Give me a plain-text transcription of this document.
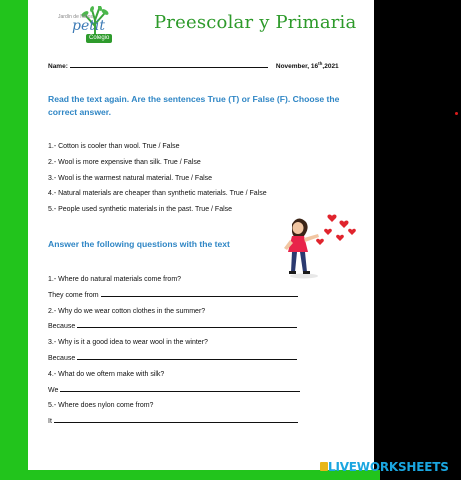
Jardín de Niños
petit
Colegio
Preescolar y Primaria
Name:	November, 16th,2021
Read the text again. Are the sentences True (T) or False (F). Choose the correct answer.
1.- Cotton is cooler than wool. True / False
2.- Wool is more expensive than silk. True / False
3.- Wool is the warmest natural material. True / False
4.- Natural materials are cheaper than synthetic materials. True / False
5.- People used synthetic materials in the past. True / False
Answer the following questions with the text
1.- Where do natural materials come from?
They come from
2.- Why do we wear cotton clothes in the summer?
Because
3.- Why is it a good idea to wear wool in the winter?
Because
4.- What do we oftern make with silk?
We
5.- Where does nylon come from?
It
LIVEWORKSHEETS
